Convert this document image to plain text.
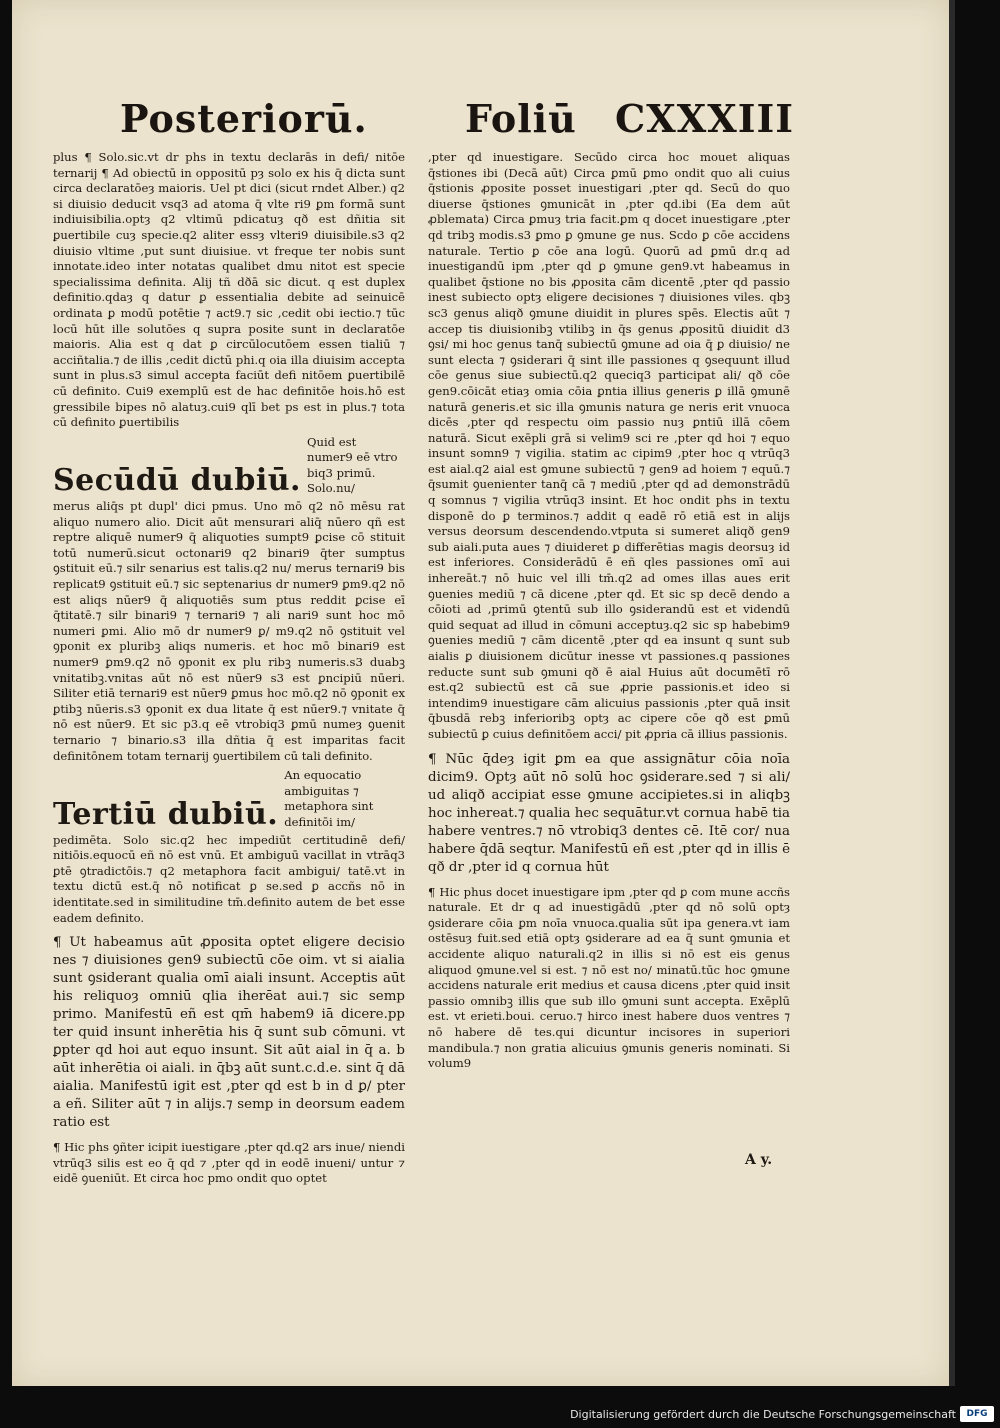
Posteriorū.	Foliū CXXXIII

plus ¶ Solo.sic.vt dr phs in textu declarās in defi/ nitōe ternarij ¶ Ad obiectū in oppositū pȝ solo ex his q̄ dicta sunt circa declaratōeȝ maioris. Uel pt dici (sicut rndet Alber.) q2 si diuisio deducit vsq3 ad atoma q̄ vlte ri9 ꝑm formā sunt indiuisibilia.optȝ q2 vltimū pdicatuȝ qð est dñitia sit ꝑuertibile cuȝ specie.q2 aliter essȝ vlteri9 diuisibile.s3 q2 diuisio vltime ,put sunt diuisiue. vt freque ter nobis sunt innotate.ideo inter notatas qualibet dmu nitot est specie specialissima definita. Alij tñ dðā sic dicut. q est duplex definitio.qdaȝ q datur ꝑ essentialia debite ad seinuicē ordinata ꝑ modū potētie ⁊ act9.⁊ sic ,cedit obi iectio.⁊ tūc locū hūt ille solutōes q supra posite sunt in declaratōe maioris. Alia est q dat ꝑ circūlocutōem essen tialiū ⁊ acciñtalia.⁊ de illis ,cedit dictū phi.q oia illa diuisim accepta sunt in plus.s3 simul accepta faciūt defi nitōem ꝑuertibilē cū definito. Cui9 exemplū est de hac definitōe hois.hō est gressibile bipes nō alatuȝ.cui9 qlī bet ps est in plus.⁊ tota cū definito ꝑuertibilis

Secūdū dubiū.
Quid est numer9 eē vtro biq3 primū. Solo.nu/

merus aliq̄s pt dupl' dici pmus. Uno mō q2 nō mēsu rat aliquo numero alio. Dicit aūt mensurari aliq̄ nūero qñ est reptre aliquē numer9 q̄ aliquoties sumpt9 ꝑcise cō stituit totū numerū.sicut octonari9 q2 binari9 q̄ter sumptus ꝯstituit eū.⁊ silr senarius est talis.q2 nu/ merus ternari9 bis replicat9 ꝯstituit eū.⁊ sic septenarius dr numer9 ꝑm9.q2 nō est aliqs nūer9 q̄ aliquotiēs sum ptus reddit ꝑcise eī q̄titatē.⁊ silr binari9 ⁊ ternari9 ⁊ ali nari9 sunt hoc mō numeri ꝑmi. Alio mō dr numer9 ꝑ/ m9.q2 nō ꝯstituit vel ꝯponit ex pluribꝫ aliqs numeris. et hoc mō binari9 est numer9 ꝑm9.q2 nō ꝯponit ex plu ribꝫ numeris.s3 duabꝫ vnitatibꝫ.vnitas aūt nō est nūer9 s3 est ꝑncipiū nūeri. Siliter etiā ternari9 est nūer9 ꝑmus hoc mō.q2 nō ꝯponit ex ꝑtibꝫ nūeris.s3 ꝯponit ex dua litate q̄ est nūer9.⁊ vnitate q̄ nō est nūer9. Et sic p3.q eē vtrobiq3 ꝑmū numeȝ ꝯuenit ternario ⁊ binario.s3 illa dñtia q̄ est imparitas facit definitōnem totam ternarij ꝯuertibilem cū tali definito.

Tertiū dubiū.
An equocatio ambiguitas ⁊ metaphora sint definitōi im/

pedimēta. Solo sic.q2 hec impediūt certitudinē defi/ nitiōis.equocū eñ nō est vnū. Et ambiguū vacillat in vtrāq3 ꝑtē ꝯtradictōis.⁊ q2 metaphora facit ambigui/ tatē.vt in textu dictū est.q̄ nō notificat ꝑ se.sed ꝑ accñs nō in identitate.sed in similitudine tm̄.definito autem de bet esse eadem definito.

¶ Ut habeamus aūt ꝓposita optet eligere decisio nes ⁊ diuisiones gen9 subiectū cōe oim. vt si aialia sunt ꝯsiderant qualia omī aiali insunt. Acceptis aūt his reliquoȝ omniū qlia iherēat aui.⁊ sic semp primo. Manifestū eñ est qm̄ habem9 iā dicere.pp ter quid insunt inherētia his q̄ sunt sub cōmuni. vt ꝑpter qd hoi aut equo insunt. Sit aūt aial in q̄ a. b aūt inherētia oi aiali. in q̄bꝫ aūt sunt.c.d.e. sint q̄ dā aialia. Manifestū igit est ,pter qd est b in d ꝑ/ pter a eñ. Siliter aūt ⁊ in alijs.⁊ semp in deorsum eadem ratio est

¶ Hic phs ꝯñter icipit iuestigare ,pter qd.q2 ars inue/ niendi vtrūq3 silis est eo q̄ qd ⁊ ,pter qd in eodē inueni/ untur ⁊ eidē ꝯueniūt. Et circa hoc pmo ondit quo optet

,pter qd inuestigare. Secūdo circa hoc mouet aliquas q̄stiones ibi (Decā aūt) Circa ꝑmū ꝑmo ondit quo ali cuius q̄stionis ꝓposite posset inuestigari ,pter qd. Secū do quo diuerse q̄stiones ꝯmunicāt in ,pter qd.ibi (Ea dem aūt ꝓblemata) Circa ꝑmuȝ tria facit.ꝑm q docet inuestigare ,pter qd tribꝫ modis.s3 ꝑmo ꝑ ꝯmune ge nus. Scdo ꝑ cōe accidens naturale. Tertio ꝑ cōe ana logū. Quorū ad ꝑmū dr.q ad inuestigandū ipm ,pter qd ꝑ ꝯmune gen9.vt habeamus in qualibet q̄stione no bis ꝓposita cām dicentē ,pter qd passio inest subiecto optȝ eligere decisiones ⁊ diuisiones viles. qbꝫ sc3 genus aliqð ꝯmune diuidit in plures spēs. Electis aūt ⁊ accep tis diuisionibꝫ vtilibꝫ in q̄s genus ꝓpositū diuidit d3 ꝯsi/ mi hoc genus tanq̄ subiectū ꝯmune ad oia q̄ ꝑ diuisio/ ne sunt electa ⁊ ꝯsiderari q̄ sint ille passiones q ꝯsequunt illud cōe genus siue subiectū.q2 queciq3 participat ali/ qð cōe gen9.cōicāt etiaȝ omia cōia ꝑntia illius generis ꝑ illā ꝯmunē naturā generis.et sic illa ꝯmunis natura ge neris erit vnuoca dicēs ,pter qd respectu oim passio nuȝ ꝑntiū illā cōem naturā. Sicut exēpli grā si velim9 sci re ,pter qd hoi ⁊ equo insunt somn9 ⁊ vigilia. statim ac cipim9 ,pter hoc q vtrūq3 est aial.q2 aial est ꝯmune subiectū ⁊ gen9 ad hoiem ⁊ equū.⁊ q̄sumit ꝯuenienter tanq̄ cā ⁊ mediū ,pter qd ad demonstrādū q somnus ⁊ vigilia vtrūq3 insint. Et hoc ondit phs in textu disponē do ꝑ terminos.⁊ addit q eadē rō etiā est in alijs versus deorsum descendendo.vtputa si sumeret aliqð gen9 sub aiali.puta aues ⁊ diuideret ꝑ differētias magis deorsuȝ id est inferiores. Considerādū ē eñ qles passiones omī aui inhereāt.⁊ nō huic vel illi tm̄.q2 ad omes illas aues erit ꝯuenies mediū ⁊ cā dicene ,pter qd. Et sic sp decē dendo a cōioti ad ,primū ꝯtentū sub illo ꝯsiderandū est et videndū quid sequat ad illud in cōmuni acceptuȝ.q2 sic sp habebim9 ꝯuenies mediū ⁊ cām dicentē ,pter qd ea insunt q sunt sub aialis ꝑ diuisionem dicūtur inesse vt passiones.q passiones reducte sunt sub ꝯmuni qð ē aial Huius aūt documētī rō est.q2 subiectū est cā sue ꝓprie passionis.et ideo si intendim9 inuestigare cām alicuius passionis ,pter quā insit q̄busdā rebꝫ inferioribꝫ optȝ ac cipere cōe qð est ꝑmū subiectū ꝑ cuius definitōem acci/ pit ꝓpria cā illius passionis.

¶ Nūc q̄deȝ igit ꝑm ea que assignātur cōia noīa dicim9. Optȝ aūt nō solū hoc ꝯsiderare.sed ⁊ si ali/ ud aliqð accipiat esse ꝯmune accipietes.si in aliqbꝫ hoc inhereat.⁊ qualia hec sequātur.vt cornua habē tia habere ventres.⁊ nō vtrobiq3 dentes cē. Itē cor/ nua habere q̄dā seqtur. Manifestū eñ est ,pter qd in illis ē qð dr ,pter id q cornua hūt

¶ Hic phus docet inuestigare ipm ,pter qd ꝑ com mune accñs naturale. Et dr q ad inuestigādū ,pter qd nō solū optȝ ꝯsiderare cōia ꝑm noīa vnuoca.qualia sūt ipa genera.vt iam ostēsuȝ fuit.sed etiā optȝ ꝯsiderare ad ea q̄ sunt ꝯmunia et accidente aliquo naturali.q2 in illis si nō est eis genus aliquod ꝯmune.vel si est. ⁊ nō est no/ minatū.tūc hoc ꝯmune accidens naturale erit medius et causa dicens ,pter quid insit passio omnibꝫ illis que sub illo ꝯmuni sunt accepta. Exēplū est. vt erieti.boui. ceruo.⁊ hirco inest habere duos ventres ⁊ nō habere dē tes.qui dicuntur incisores in superiori mandibula.⁊ non gratia alicuius ꝯmunis generis nominati. Si volum9

A y.
Digitalisierung gefördert durch die Deutsche Forschungsgemeinschaft	DFG
